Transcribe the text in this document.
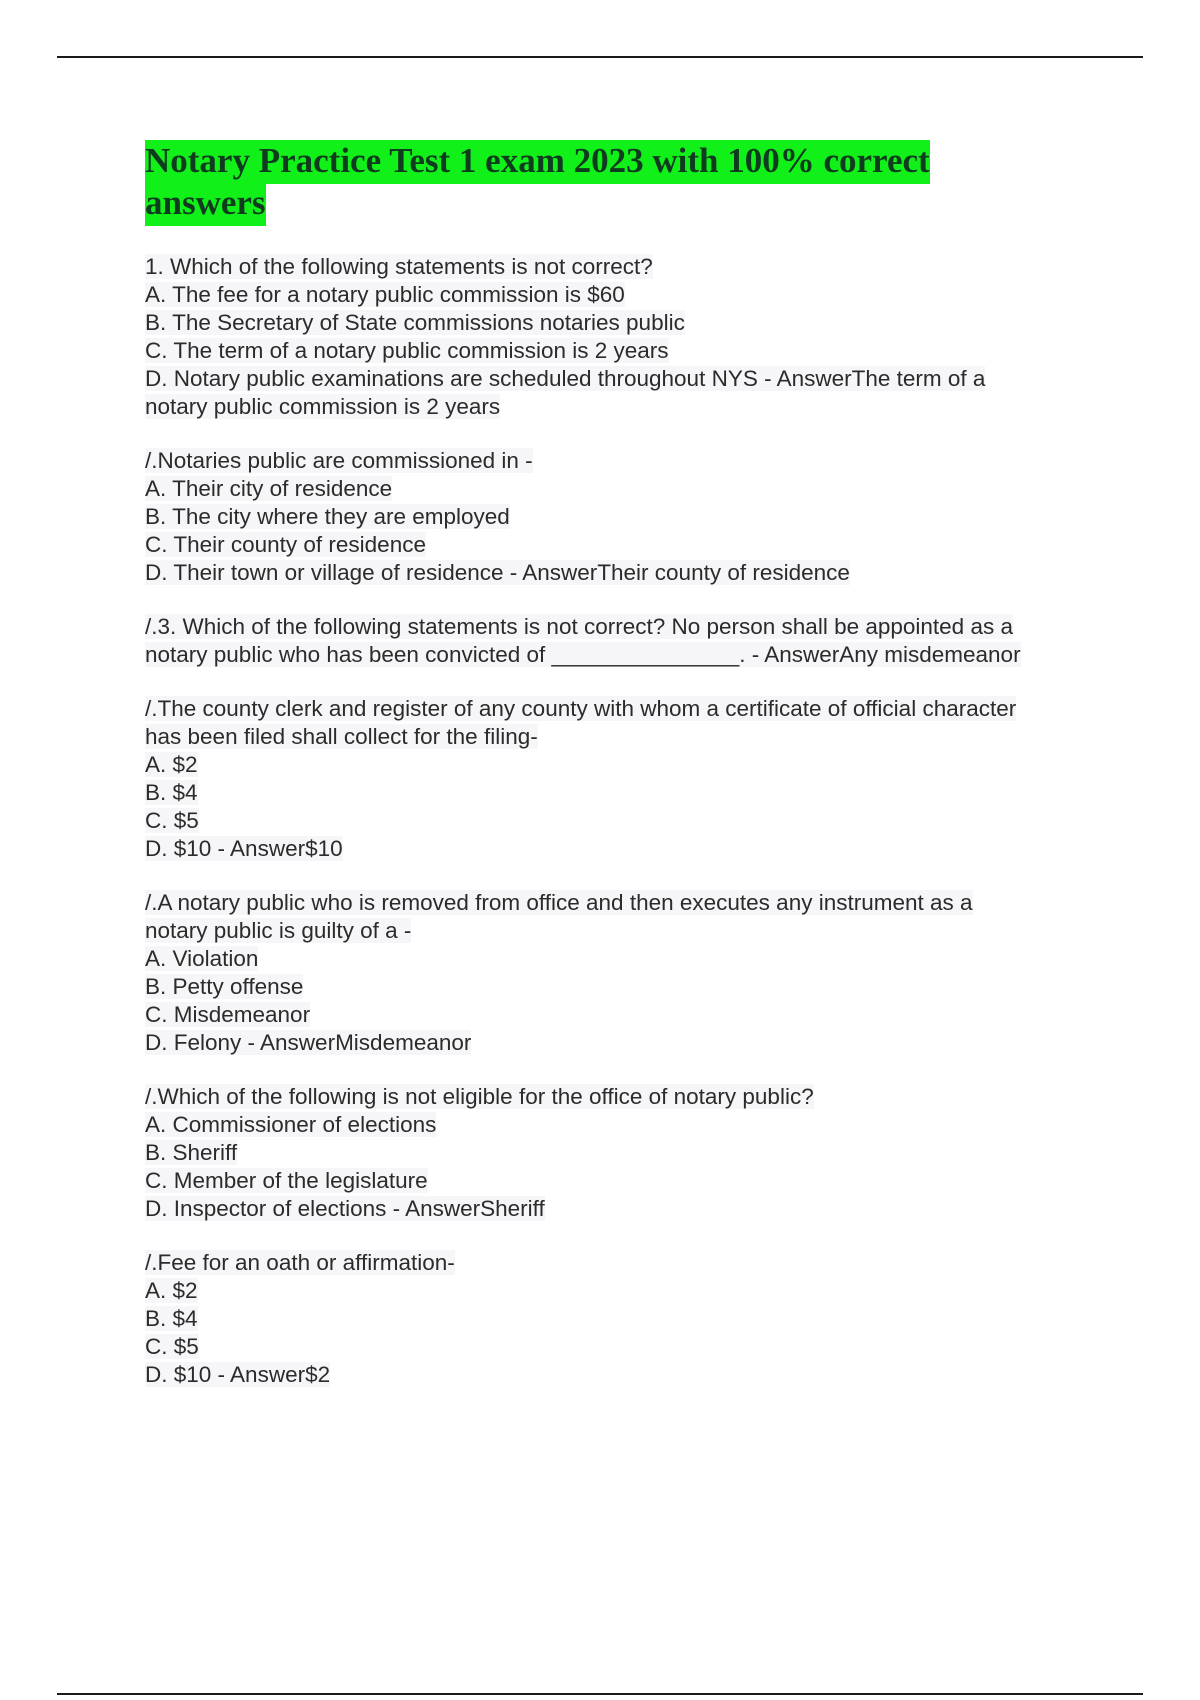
Notary Practice Test 1 exam 2023 with 100% correct answers
1. Which of the following statements is not correct?
A. The fee for a notary public commission is $60
B. The Secretary of State commissions notaries public
C. The term of a notary public commission is 2 years
D. Notary public examinations are scheduled throughout NYS - AnswerThe term of a
notary public commission is 2 years
/.Notaries public are commissioned in -
A. Their city of residence
B. The city where they are employed
C. Their county of residence
D. Their town or village of residence - AnswerTheir county of residence
/.3. Which of the following statements is not correct? No person shall be appointed as a
notary public who has been convicted of _______________. - AnswerAny misdemeanor
/.The county clerk and register of any county with whom a certificate of official character
has been filed shall collect for the filing-
A. $2
B. $4
C. $5
D. $10 - Answer$10
/.A notary public who is removed from office and then executes any instrument as a
notary public is guilty of a -
A. Violation
B. Petty offense
C. Misdemeanor
D. Felony - AnswerMisdemeanor
/.Which of the following is not eligible for the office of notary public?
A. Commissioner of elections
B. Sheriff
C. Member of the legislature
D. Inspector of elections - AnswerSheriff
/.Fee for an oath or affirmation-
A. $2
B. $4
C. $5
D. $10 - Answer$2
